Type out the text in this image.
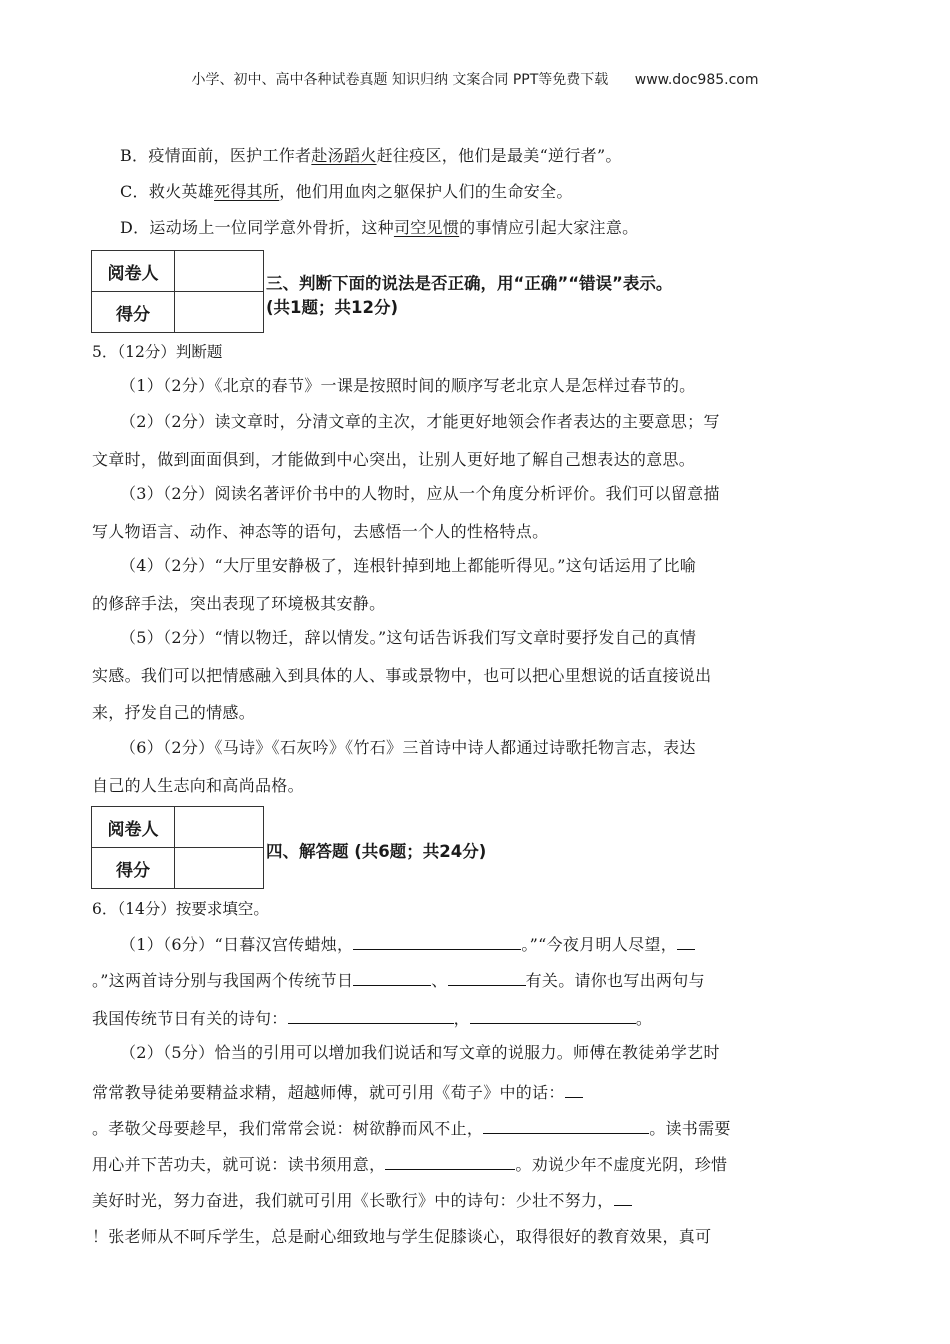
小学、初中、高中各种试卷真题 知识归纳 文案合同 PPT等免费下载 www.doc985.com
B．疫情面前，医护工作者赴汤蹈火赶往疫区，他们是最美“逆行者”。
C．救火英雄死得其所，他们用血肉之躯保护人们的生命安全。
D．运动场上一位同学意外骨折，这种司空见惯的事情应引起大家注意。
阅卷人	
得分	
三、判断下面的说法是否正确，用“正确”“错误”表示。
(共1题；共12分)
5．（12分）判断题
（1）（2分）《北京的春节》一课是按照时间的顺序写老北京人是怎样过春节的。
（2）（2分）读文章时，分清文章的主次，才能更好地领会作者表达的主要意思；写
文章时，做到面面俱到，才能做到中心突出，让别人更好地了解自己想表达的意思。
（3）（2分）阅读名著评价书中的人物时，应从一个角度分析评价。我们可以留意描
写人物语言、动作、神态等的语句，去感悟一个人的性格特点。
（4）（2分）“大厅里安静极了，连根针掉到地上都能听得见。”这句话运用了比喻
的修辞手法，突出表现了环境极其安静。
（5）（2分）“情以物迁，辞以情发。”这句话告诉我们写文章时要抒发自己的真情
实感。我们可以把情感融入到具体的人、事或景物中，也可以把心里想说的话直接说出
来，抒发自己的情感。
（6）（2分）《马诗》《石灰吟》《竹石》三首诗中诗人都通过诗歌托物言志，表达
自己的人生志向和高尚品格。
阅卷人	
得分	
四、解答题 (共6题；共24分)
6．（14分）按要求填空。
（1）（6分）“日暮汉宫传蜡烛，	。”“今夜月明人尽望，
。”这两首诗分别与我国两个传统节日	、	有关。请你也写出两句与
我国传统节日有关的诗句：	，	。
（2）（5分）恰当的引用可以增加我们说话和写文章的说服力。师傅在教徒弟学艺时
常常教导徒弟要精益求精，超越师傅，就可引用《荀子》中的话：
。孝敬父母要趁早，我们常常会说：树欲静而风不止，	。读书需要
用心并下苦功夫，就可说：读书须用意，	。劝说少年不虚度光阴，珍惜
美好时光，努力奋进，我们就可引用《长歌行》中的诗句：少壮不努力，
！张老师从不呵斥学生，总是耐心细致地与学生促膝谈心，取得很好的教育效果，真可
